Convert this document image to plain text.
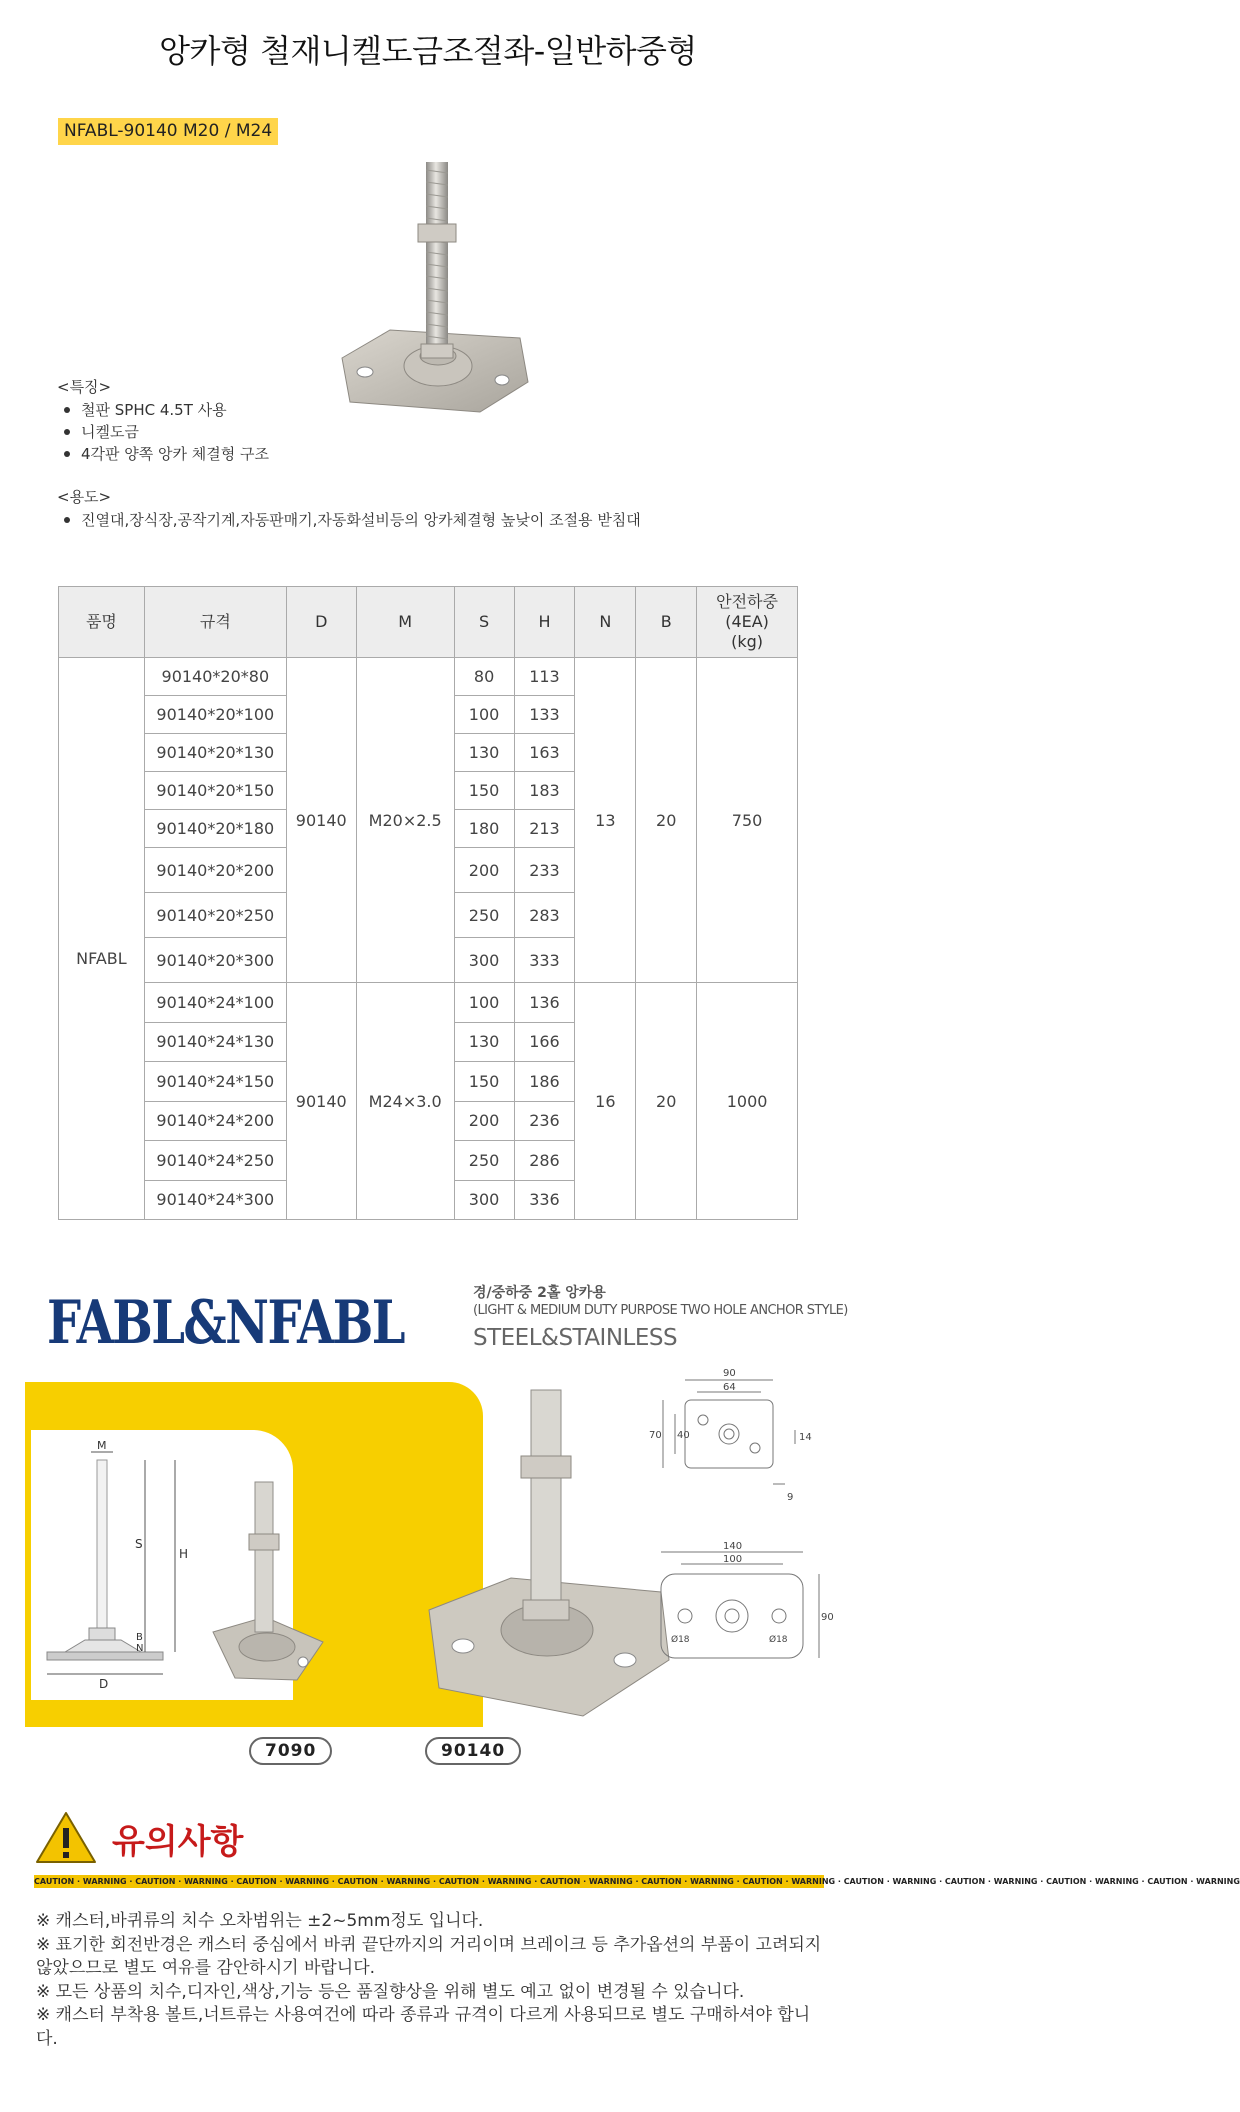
앙카형 철재니켈도금조절좌-일반하중형
NFABL-90140 M20 / M24
<특징>
철판 SPHC 4.5T 사용
니켈도금
4각판 양쪽 앙카 체결형 구조
<용도>
진열대,장식장,공작기계,자동판매기,자동화설비등의 앙카체결형 높낮이 조절용 받침대
품명	규격	D	M	S	H	N	B	안전하중
(4EA)
(kg)
NFABL	90140*20*80	90140	M20×2.5	80	113	13	20	750
	90140*20*100			100	133			
	90140*20*130			130	163			
	90140*20*150			150	183			
	90140*20*180			180	213			
	90140*20*200			200	233			
	90140*20*250			250	283			
	90140*20*300			300	333			
	90140*24*100	90140	M24×3.0	100	136	16	20	1000
	90140*24*130			130	166			
	90140*24*150			150	186			
	90140*24*200			200	236			
	90140*24*250			250	286			
	90140*24*300			300	336			
FABL&NFABL	경/중하중 2홀 앙카용
(LIGHT & MEDIUM DUTY PURPOSE TWO HOLE ANCHOR STYLE)
STEEL&STAINLESS
M
S
H
B
N
D
90
64
70 40	14
9
140
100
90
Ø18	Ø18
7090	90140
유의사항
CAUTION · WARNING · CAUTION · WARNING · CAUTION · WARNING · CAUTION · WARNING · CAUTION · WARNING · CAUTION · WARNING · CAUTION · WARNING · CAUTION · WARNING · CAUTION · WARNING · CAUTION · WARNING · CAUTION · WARNING · CAUTION · WARNING

※ 캐스터,바퀴류의 치수 오차범위는 ±2~5mm정도 입니다.

※ 표기한 회전반경은 캐스터 중심에서 바퀴 끝단까지의 거리이며 브레이크 등 추가옵션의 부품이 고려되지 않았으므로 별도 여유를 감안하시기 바랍니다.

※ 모든 상품의 치수,디자인,색상,기능 등은 품질향상을 위해 별도 예고 없이 변경될 수 있습니다.

※ 캐스터 부착용 볼트,너트류는 사용여건에 따라 종류과 규격이 다르게 사용되므로 별도 구매하셔야 합니다.
